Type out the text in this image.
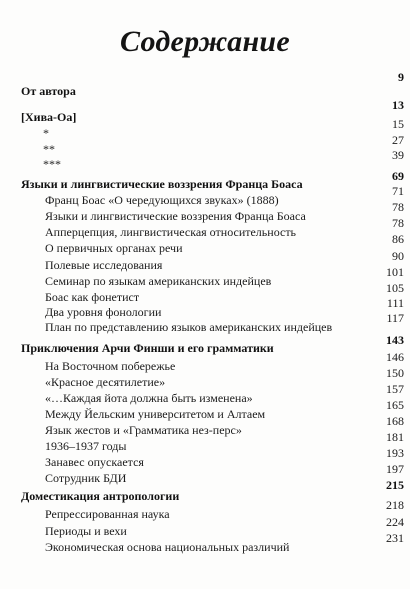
Содержание
От автора
9
[Хива-Оа]
13
*
15
**
27
***
39
Языки и лингвистические воззрения Франца Боаса
69
Франц Боас «О чередующихся звуках» (1888)
71
Языки и лингвистические воззрения Франца Боаса
78
Апперцепция, лингвистическая относительность
78
О первичных органах речи
86
Полевые исследования
90
Семинар по языкам американских индейцев
101
Боас как фонетист
105
Два уровня фонологии
111
План по представлению языков американских индейцев
117
Приключения Арчи Финши и его грамматики
143
На Восточном побережье
146
«Красное десятилетие»
150
«…Каждая йота должна быть изменена»
157
Между Йельским университетом и Алтаем
165
Язык жестов и «Грамматика нез-перс»
168
1936–1937 годы
181
Занавес опускается
193
Сотрудник БДИ
197
Доместикация антропологии
215
Репрессированная наука
218
Периоды и вехи
224
Экономическая основа национальных различий
231
